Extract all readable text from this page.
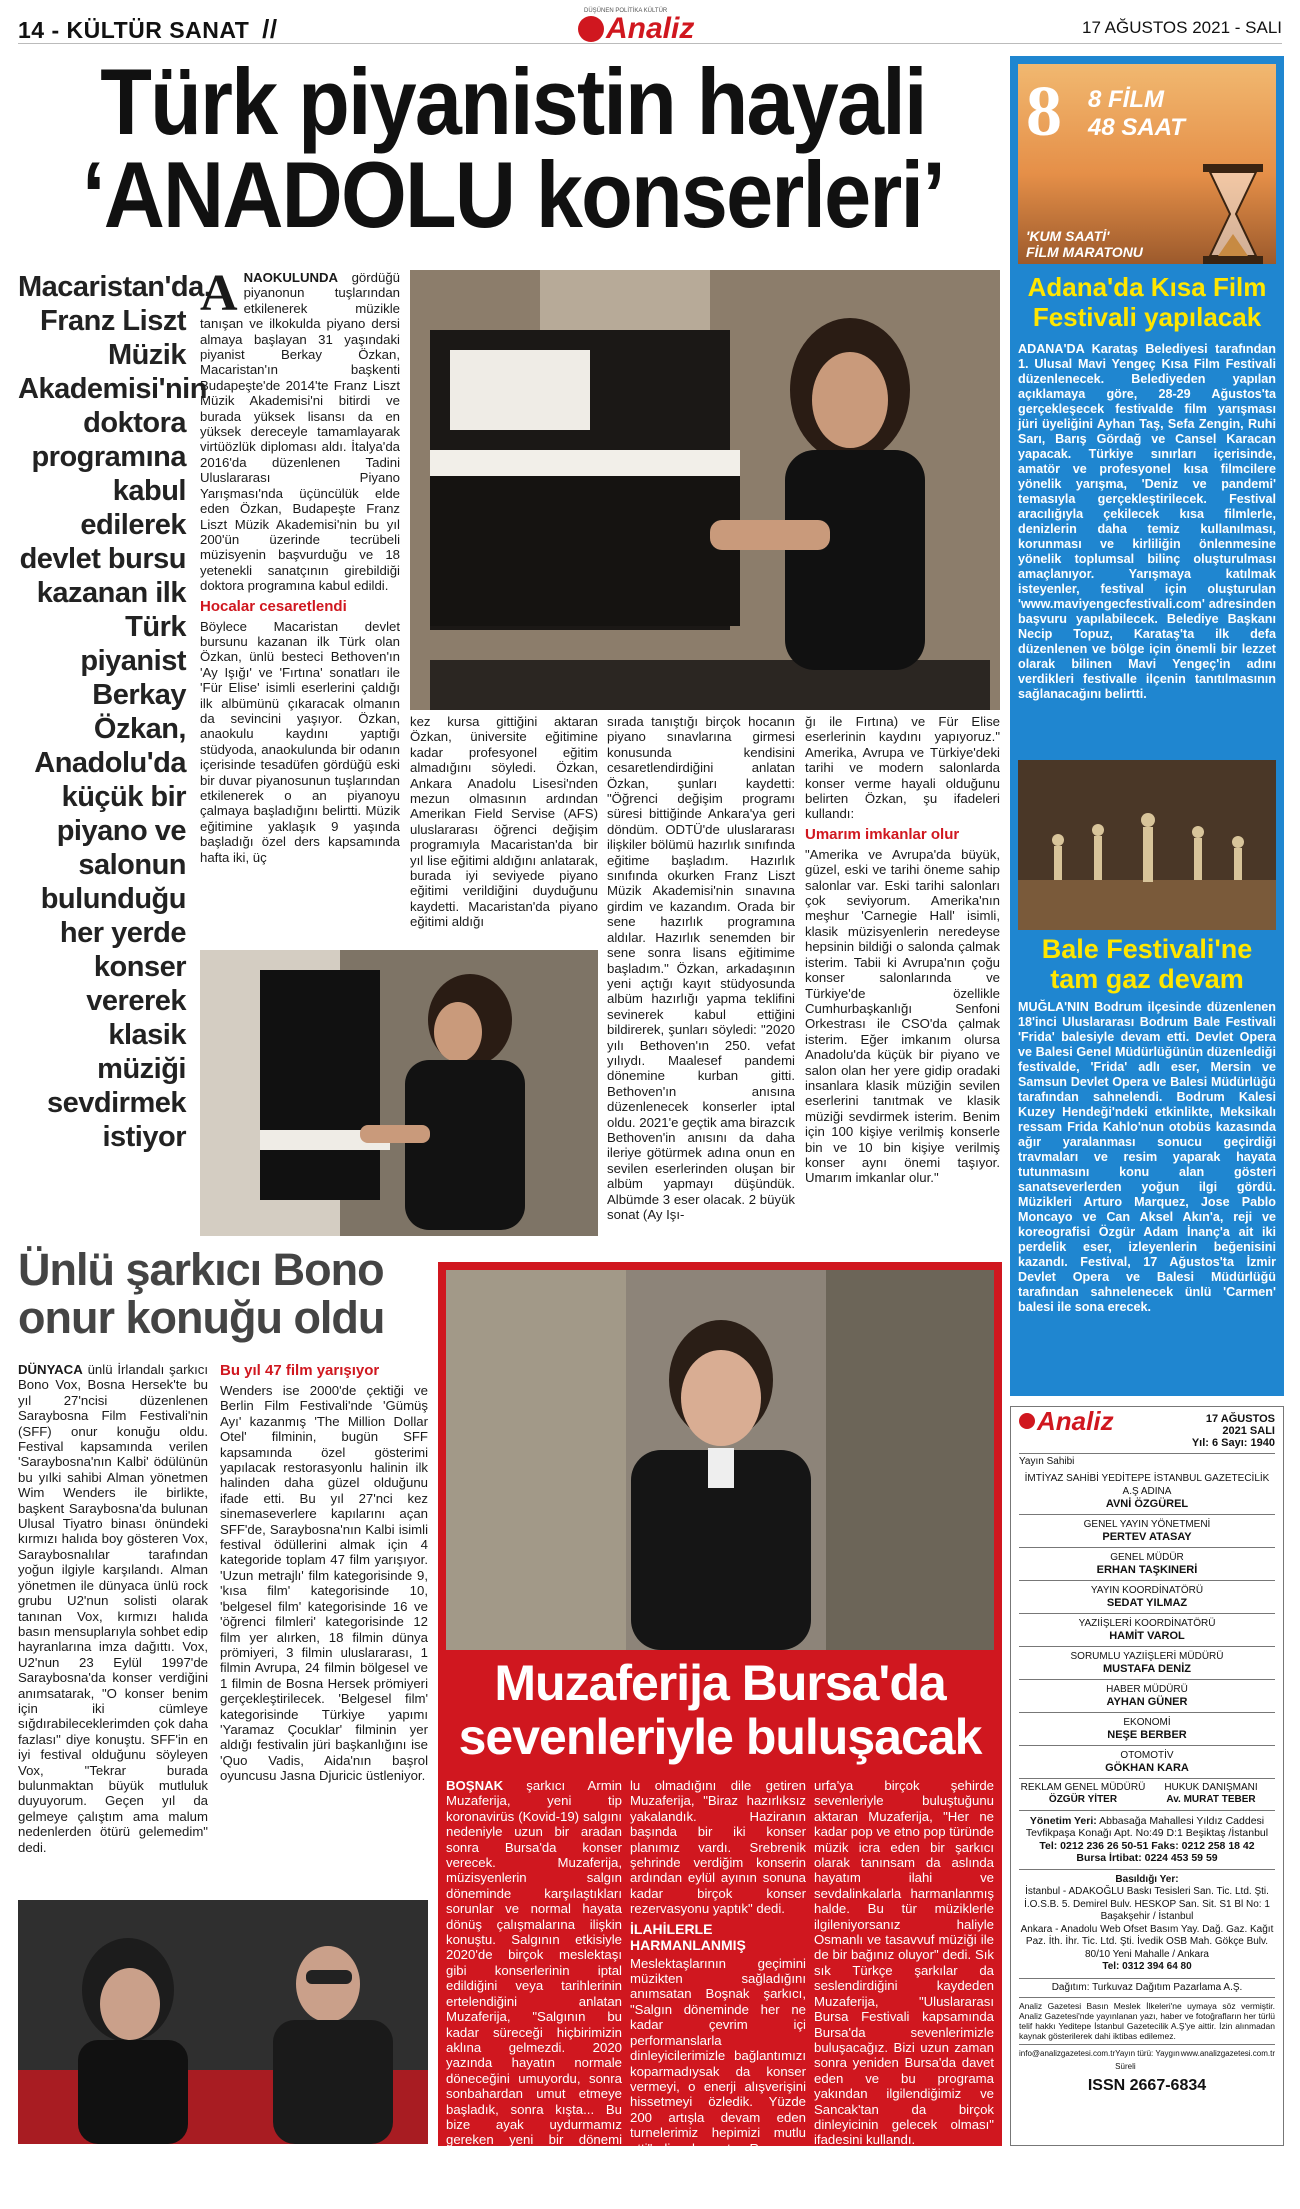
14 - KÜLTÜR SANAT //
DÜŞÜNEN POLİTİKA KÜLTÜR
Analiz	17 AĞUSTOS 2021 - SALI
Türk piyanistin hayali
‘ANADOLU konserleri’
Macaristan'da, Franz Liszt Müzik Akademisi'nin doktora programına kabul edilerek devlet bursu kazanan ilk Türk piyanist Berkay Özkan, Anadolu'da küçük bir piyano ve salonun bulunduğu her yerde konser vererek klasik müziği sevdirmek istiyor

ANAOKULUNDA gördüğü piyanonun tuşlarından etkilenerek müzikle tanışan ve ilkokulda piyano dersi almaya başlayan 31 yaşındaki piyanist Berkay Özkan, Macaristan'ın başkenti Budapeşte'de 2014'te Franz Liszt Müzik Akademisi'ni bitirdi ve burada yüksek lisansı da en yüksek dereceyle tamamlayarak virtüözlük diploması aldı. İtalya'da 2016'da düzenlenen Tadini Uluslararası Piyano Yarışması'nda üçüncülük elde eden Özkan, Budapeşte Franz Liszt Müzik Akademisi'nin bu yıl 200'ün üzerinde tecrübeli müzisyenin başvurduğu ve 18 yetenekli sanatçının girebildiği doktora programına kabul edildi.

Hocalar cesaretlendi

Böylece Macaristan devlet bursunu kazanan ilk Türk olan Özkan, ünlü besteci Bethoven'ın 'Ay Işığı' ve 'Fırtına' sonatları ile 'Für Elise' isimli eserlerini çaldığı ilk albümünü çıkaracak olmanın da sevincini yaşıyor. Özkan, anaokulu kaydını yaptığı stüdyoda, anaokulunda bir odanın içerisinde tesadüfen gördüğü eski bir duvar piyanosunun tuşlarından etkilenerek o an piyanoyu çalmaya başladığını belirtti. Müzik eğitimine yaklaşık 9 yaşında başladığı özel ders kapsamında hafta iki, üç

kez kursa gittiğini aktaran Özkan, üniversite eğitimine kadar profesyonel eğitim almadığını söyledi. Özkan, Ankara Anadolu Lisesi'nden mezun olmasının ardından Amerikan Field Servise (AFS) uluslararası öğrenci değişim programıyla Macaristan'da bir yıl lise eğitimi aldığını anlatarak, burada iyi seviyede piyano eğitimi verildiğini duyduğunu kaydetti. Macaristan'da piyano eğitimi aldığı

sırada tanıştığı birçok hocanın piyano sınavlarına girmesi konusunda kendisini cesaretlendirdiğini anlatan Özkan, şunları kaydetti: "Öğrenci değişim programı süresi bittiğinde Ankara'ya geri döndüm. ODTÜ'de uluslararası ilişkiler bölümü hazırlık sınıfında eğitime başladım. Hazırlık sınıfında okurken Franz Liszt Müzik Akademisi'nin sınavına girdim ve kazandım. Orada bir sene hazırlık programına aldılar. Hazırlık senemden bir sene sonra lisans eğitimime başladım." Özkan, arkadaşının yeni açtığı kayıt stüdyosunda albüm hazırlığı yapma teklifini sevinerek kabul ettiğini bildirerek, şunları söyledi: "2020 yılı Bethoven'ın 250. vefat yılıydı. Maalesef pandemi dönemine kurban gitti. Bethoven'ın anısına düzenlenecek konserler iptal oldu. 2021'e geçtik ama birazcık Bethoven'in anısını da daha ileriye götürmek adına onun en sevilen eserlerinden oluşan bir albüm yapmayı düşündük. Albümde 3 eser olacak. 2 büyük sonat (Ay Işı-

ğı ile Fırtına) ve Für Elise eserlerinin kaydını yapıyoruz." Amerika, Avrupa ve Türkiye'deki tarihi ve modern salonlarda konser verme hayali olduğunu belirten Özkan, şu ifadeleri kullandı:

Umarım imkanlar olur

"Amerika ve Avrupa'da büyük, güzel, eski ve tarihi öneme sahip salonlar var. Eski tarihi salonları çok seviyorum. Amerika'nın meşhur 'Carnegie Hall' isimli, klasik müzisyenlerin neredeyse hepsinin bildiği o salonda çalmak isterim. Tabii ki Avrupa'nın çoğu konser salonlarında ve Türkiye'de özellikle Cumhurbaşkanlığı Senfoni Orkestrası ile CSO'da çalmak isterim. Eğer imkanım olursa Anadolu'da küçük bir piyano ve salon olan her yere gidip oradaki insanlara klasik müziğin sevilen eserlerini tanıtmak ve klasik müziği sevdirmek isterim. Benim için 100 kişiye verilmiş konserle bin ve 10 bin kişiye verilmiş konser aynı önemi taşıyor. Umarım imkanlar olur."

8 8 FİLM
48 SAAT
'KUM SAATİ'
FİLM MARATONU
Adana'da Kısa Film Festivali yapılacak
ADANA'DA Karataş Belediyesi tarafından 1. Ulusal Mavi Yengeç Kısa Film Festivali düzenlenecek. Belediyeden yapılan açıklamaya göre, 28-29 Ağustos'ta gerçekleşecek festivalde film yarışması jüri üyeliğini Ayhan Taş, Sefa Zengin, Ruhi Sarı, Barış Gördağ ve Cansel Karacan yapacak. Türkiye sınırları içerisinde, amatör ve profesyonel kısa filmcilere yönelik yarışma, 'Deniz ve pandemi' temasıyla gerçekleştirilecek. Festival aracılığıyla çekilecek kısa filmlerle, denizlerin daha temiz kullanılması, korunması ve kirliliğin önlenmesine yönelik toplumsal bilinç oluşturulması amaçlanıyor. Yarışmaya katılmak isteyenler, festival için oluşturulan 'www.maviyengecfestivali.com' adresinden başvuru yapılabilecek. Belediye Başkanı Necip Topuz, Karataş'ta ilk defa düzenlenen ve bölge için önemli bir lezzet olarak bilinen Mavi Yengeç'in adını verdikleri festivalle ilçenin tanıtılmasının sağlanacağını belirtti.
Bale Festivali'ne tam gaz devam
MUĞLA'NIN Bodrum ilçesinde düzenlenen 18'inci Uluslararası Bodrum Bale Festivali 'Frida' balesiyle devam etti. Devlet Opera ve Balesi Genel Müdürlüğünün düzenlediği festivalde, 'Frida' adlı eser, Mersin ve Samsun Devlet Opera ve Balesi Müdürlüğü tarafından sahnelendi. Bodrum Kalesi Kuzey Hendeği'ndeki etkinlikte, Meksikalı ressam Frida Kahlo'nun otobüs kazasında ağır yaralanması sonucu geçirdiği travmaları ve resim yaparak hayata tutunmasını konu alan gösteri sanatseverlerden yoğun ilgi gördü. Müzikleri Arturo Marquez, Jose Pablo Moncayo ve Can Aksel Akın'a, reji ve koreografisi Özgür Adam İnanç'a ait iki perdelik eser, izleyenlerin beğenisini kazandı. Festival, 17 Ağustos'ta İzmir Devlet Opera ve Balesi Müdürlüğü tarafından sahnelenecek ünlü 'Carmen' balesi ile sona erecek.
Ünlü şarkıcı Bono onur konuğu oldu

DÜNYACA ünlü İrlandalı şarkıcı Bono Vox, Bosna Hersek'te bu yıl 27'ncisi düzenlenen Saraybosna Film Festivali'nin (SFF) onur konuğu oldu. Festival kapsamında verilen 'Saraybosna'nın Kalbi' ödülünün bu yılki sahibi Alman yönetmen Wim Wenders ile birlikte, başkent Saraybosna'da bulunan Ulusal Tiyatro binası önündeki kırmızı halıda boy gösteren Vox, Saraybosnalılar tarafından yoğun ilgiyle karşılandı. Alman yönetmen ile dünyaca ünlü rock grubu U2'nun solisti olarak tanınan Vox, kırmızı halıda basın mensuplarıyla sohbet edip hayranlarına imza dağıttı. Vox, U2'nun 23 Eylül 1997'de Saraybosna'da konser verdiğini anımsatarak, "O konser benim için iki cümleye sığdırabileceklerimden çok daha fazlası" diye konuştu. SFF'in en iyi festival olduğunu söyleyen Vox, "Tekrar burada bulunmaktan büyük mutluluk duyuyorum. Geçen yıl da gelmeye çalıştım ama malum nedenlerden ötürü gelemedim" dedi.

Bu yıl 47 film yarışıyor

Wenders ise 2000'de çektiği ve Berlin Film Festivali'nde 'Gümüş Ayı' kazanmış 'The Million Dollar Otel' filminin, bugün SFF kapsamında özel gösterimi yapılacak restorasyonlu halinin ilk halinden daha güzel olduğunu ifade etti. Bu yıl 27'nci kez sinemaseverlere kapılarını açan SFF'de, Saraybosna'nın Kalbi isimli festival ödüllerini almak için 4 kategoride toplam 47 film yarışıyor. 'Uzun metrajlı' film kategorisinde 9, 'kısa film' kategorisinde 10, 'belgesel film' kategorisinde 16 ve 'öğrenci filmleri' kategorisinde 12 film yer alırken, 18 filmin dünya prömiyeri, 3 filmin uluslararası, 1 filmin Avrupa, 24 filmin bölgesel ve 1 filmin de Bosna Hersek prömiyeri gerçekleştirilecek. 'Belgesel film' kategorisinde Türkiye yapımı 'Yaramaz Çocuklar' filminin yer aldığı festivalin jüri başkanlığını ise 'Quo Vadis, Aida'nın başrol oyuncusu Jasna Djuricic üstleniyor.

Muzaferija Bursa'da
sevenleriyle buluşacak

BOŞNAK şarkıcı Armin Muzaferija, yeni tip koronavirüs (Kovid-19) salgını nedeniyle uzun bir aradan sonra Bursa'da konser verecek. Muzaferija, müzisyenlerin salgın döneminde karşılaştıkları sorunlar ve normal hayata dönüş çalışmalarına ilişkin konuştu. Salgının etkisiyle 2020'de birçok meslektaşı gibi konserlerinin iptal edildiğini veya tarihlerinin ertelendiğini anlatan Muzaferija, "Salgının bu kadar süreceği hiçbirimizin aklına gelmezdi. 2020 yazında hayatın normale döneceğini umuyordu, sonra sonbahardan umut etmeye başladık, sonra kışta... Bu bize ayak uydurmamız gereken yeni bir dönemi girdiğimizi gösterdi" ifadesini kullandı. Turnelerine bu yaz devam edebileceğinden pek umut-

lu olmadığını dile getiren Muzaferija, "Biraz hazırlıksız yakalandık. Haziranın başında bir iki konser planımız vardı. Srebrenik şehrinde verdiğim konserin ardından eylül ayının sonuna kadar birçok konser rezervasyonu yaptık" dedi.

İLAHİLERLE HARMANLANMIŞ

Meslektaşlarının geçimini müzikten sağladığını anımsatan Boşnak şarkıcı, "Salgın döneminde her ne kadar çevrim içi performanslarla dinleyicilerimizle bağlantımızı koparmadıysak da konser vermeyi, o enerji alışverişini hissetmeyi özledik. Yüzde 200 artışla devam eden turnelerimiz hepimizi mutlu etti" diye konuştu. Ramazan ayında İstanbul'dan Şanlı-

urfa'ya birçok şehirde sevenleriyle buluştuğunu aktaran Muzaferija, "Her ne kadar pop ve etno pop türünde müzik icra eden bir şarkıcı olarak tanınsam da aslında hayatım ilahi ve sevdalinkalarla harmanlanmış halde. Bu tür müziklerle ilgileniyorsanız haliyle Osmanlı ve tasavvuf müziği ile de bir bağınız oluyor" dedi. Sık sık Türkçe şarkılar da seslendirdiğini kaydeden Muzaferija, "Uluslararası Bursa Festivali kapsamında Bursa'da sevenlerimizle buluşacağız. Bizi uzun zaman sonra yeniden Bursa'da davet eden ve bu programa yakından ilgilendiğimiz ve Sancak'tan da birçok dinleyicinin gelecek olması" ifadesini kullandı.

Analiz	17 AĞUSTOS
2021 SALI
Yıl: 6 Sayı: 1940
Yayın Sahibi
İMTİYAZ SAHİBİ YEDİTEPE İSTANBUL GAZETECİLİK A.Ş ADINA
AVNİ ÖZGÜREL
GENEL YAYIN YÖNETMENİ
PERTEV ATASAY
GENEL MÜDÜR
ERHAN TAŞKINERİ
YAYIN KOORDİNATÖRÜ
SEDAT YILMAZ
YAZIİŞLERİ KOORDİNATÖRÜ
HAMİT VAROL
SORUMLU YAZIİŞLERİ MÜDÜRÜ
MUSTAFA DENİZ
HABER MÜDÜRÜ
AYHAN GÜNER
EKONOMİ
NEŞE BERBER
OTOMOTİV
GÖKHAN KARA
REKLAM GENEL MÜDÜRÜ
ÖZGÜR YİTER
HUKUK DANIŞMANI
Av. MURAT TEBER
Yönetim Yeri: Abbasağa Mahallesi Yıldız Caddesi Tevfikpaşa Konağı Apt. No:49 D:1 Beşiktaş /İstanbul
Tel: 0212 236 26 50-51 Faks: 0212 258 18 42
Bursa İrtibat: 0224 453 59 59
Basıldığı Yer:
İstanbul - ADAKOĞLU Baskı Tesisleri San. Tic. Ltd. Şti. İ.O.S.B. 5. Demirel Bulv. HESKOP San. Sit. S1 Bl No: 1 Başakşehir / İstanbul
Ankara - Anadolu Web Ofset Basım Yay. Dağ. Gaz. Kağıt Paz. İth. İhr. Tic. Ltd. Şti. İvedik OSB Mah. Gökçe Bulv. 80/10 Yeni Mahalle / Ankara
Tel: 0312 394 64 80
Dağıtım: Turkuvaz Dağıtım Pazarlama A.Ş.
Analiz Gazetesi Basın Meslek İlkeleri'ne uymaya söz vermiştir. Analiz Gazetesi'nde yayınlanan yazı, haber ve fotoğrafların her türlü telif hakkı Yeditepe İstanbul Gazetecilik A.Ş'ye aittir. İzin alınmadan kaynak gösterilerek dahi iktibas edilemez.
info@analizgazetesi.com.tr Yayın türü: Yaygın Süreli
www.analizgazetesi.com.tr
ISSN 2667-6834
